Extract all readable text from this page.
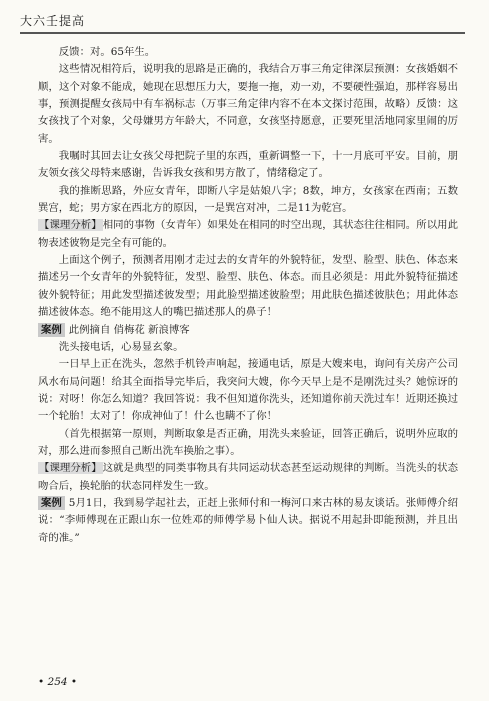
大六壬提高

反馈：对。65年生。

这些情况相符后，说明我的思路是正确的，我结合万事三角定律深层预测：女孩婚姻不顺，这个对象不能成，她现在思想压力大，要拖一拖，劝一劝，不要硬性强迫，那样容易出事，预测提醒女孩局中有车祸标志（万事三角定律内容不在本文探讨范围，故略）反馈：这女孩找了个对象，父母嫌男方年龄大，不同意，女孩坚持愿意，正要死里活地同家里闹的厉害。

我嘱时其回去让女孩父母把院子里的东西，重新调整一下，十一月底可平安。目前，朋友领女孩父母特来感谢，告诉我女孩和男方散了，情绪稳定了。

我的推断思路，外应女青年，即断八字是姑娘八字；8数，坤方，女孩家在西南；五数巽宫，蛇；男方家在西北方的原因，一是巽宫对冲，二是11为乾宫。

【课理分析】相同的事物（女青年）如果处在相同的时空出现，其状态往往相同。所以用此物表述彼物是完全有可能的。

上面这个例子，预测者用刚才走过去的女青年的外貌特征，发型、脸型、肤色、体态来描述另一个女青年的外貌特征，发型、脸型、肤色、体态。而且必须是：用此外貌特征描述彼外貌特征；用此发型描述彼发型；用此脸型描述彼脸型；用此肤色描述彼肤色；用此体态描述彼体态。绝不能用这人的嘴巴描述那人的鼻子！

案例 此例摘自 俏梅花 新浪博客

洗头接电话，心易显玄象。

一日早上正在洗头，忽然手机铃声响起，接通电话，原是大嫂来电，询问有关房产公司风水布局问题！给其全面指导完毕后，我突问大嫂，你今天早上是不是刚洗过头？她惊讶的说：对呀！你怎么知道？我回答说：我不但知道你洗头，还知道你前天洗过车！近期还换过一个轮胎！太对了！你成神仙了！什么也瞒不了你！

（首先根据第一原则，判断取象是否正确，用洗头来验证，回答正确后，说明外应取的对，那么进而参照自己断出洗车换胎之事）。

【课理分析】这就是典型的同类事物具有共同运动状态甚至运动规律的判断。当洗头的状态吻合后，换轮胎的状态同样发生一致。

案例 5月1日，我到易学起社去，正赶上张师付和一梅河口来古林的易友谈话。张师傅介绍说：“李师傅现在正跟山东一位姓邓的师傅学易卜仙人诀。据说不用起卦即能预测，并且出奇的准。”

• 254 •
